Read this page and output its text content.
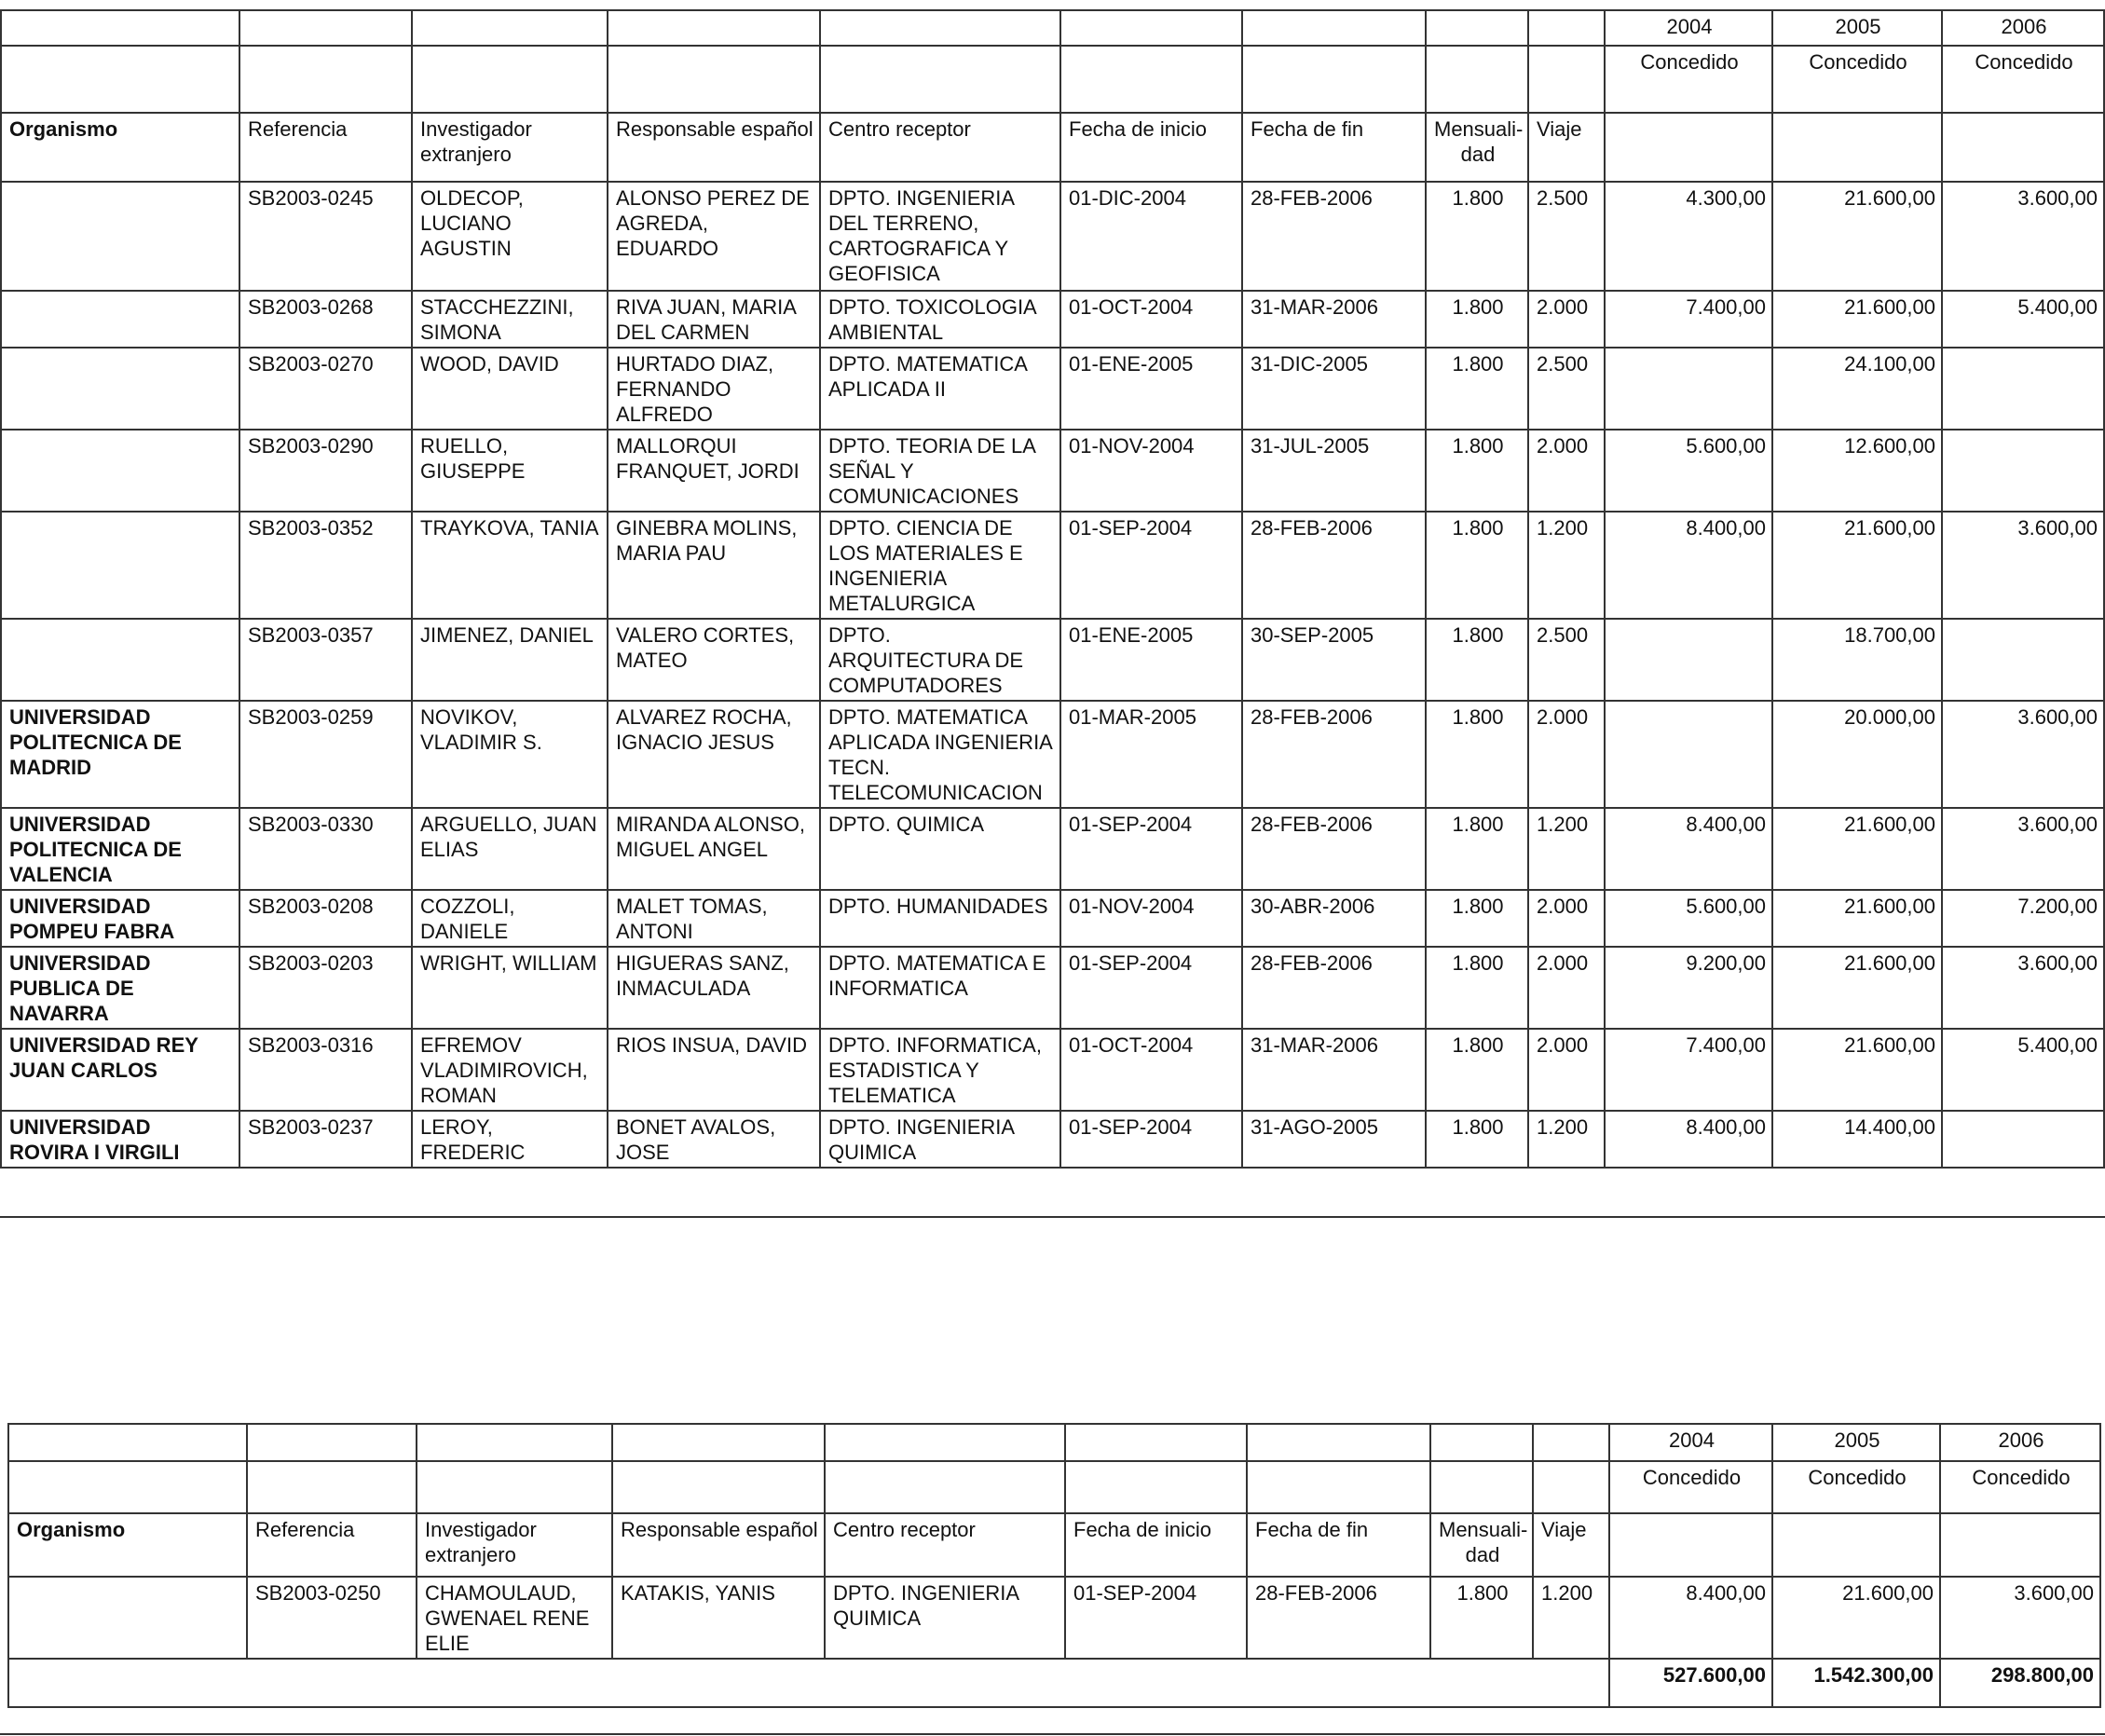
									2004	2005	2006
									Concedido	Concedido	Concedido
Organismo	Referencia	Investigador extranjero	Responsable español	Centro receptor	Fecha de inicio	Fecha de fin	Mensuali- dad	Viaje			
	SB2003-0245	OLDECOP, LUCIANO AGUSTIN	ALONSO PEREZ DE AGREDA, EDUARDO	DPTO. INGENIERIA DEL TERRENO, CARTOGRAFICA Y GEOFISICA	01-DIC-2004	28-FEB-2006	1.800	2.500	4.300,00	21.600,00	3.600,00
	SB2003-0268	STACCHEZZINI, SIMONA	RIVA JUAN, MARIA DEL CARMEN	DPTO. TOXICOLOGIA AMBIENTAL	01-OCT-2004	31-MAR-2006	1.800	2.000	7.400,00	21.600,00	5.400,00
	SB2003-0270	WOOD, DAVID	HURTADO DIAZ, FERNANDO ALFREDO	DPTO. MATEMATICA APLICADA II	01-ENE-2005	31-DIC-2005	1.800	2.500		24.100,00	
	SB2003-0290	RUELLO, GIUSEPPE	MALLORQUI FRANQUET, JORDI	DPTO. TEORIA DE LA SEÑAL Y COMUNICACIONES	01-NOV-2004	31-JUL-2005	1.800	2.000	5.600,00	12.600,00	
	SB2003-0352	TRAYKOVA, TANIA	GINEBRA MOLINS, MARIA PAU	DPTO. CIENCIA DE LOS MATERIALES E INGENIERIA METALURGICA	01-SEP-2004	28-FEB-2006	1.800	1.200	8.400,00	21.600,00	3.600,00
	SB2003-0357	JIMENEZ, DANIEL	VALERO CORTES, MATEO	DPTO. ARQUITECTURA DE COMPUTADORES	01-ENE-2005	30-SEP-2005	1.800	2.500		18.700,00	
UNIVERSIDAD POLITECNICA DE MADRID	SB2003-0259	NOVIKOV, VLADIMIR S.	ALVAREZ ROCHA, IGNACIO JESUS	DPTO. MATEMATICA APLICADA INGENIERIA TECN. TELECOMUNICACION	01-MAR-2005	28-FEB-2006	1.800	2.000		20.000,00	3.600,00
UNIVERSIDAD POLITECNICA DE VALENCIA	SB2003-0330	ARGUELLO, JUAN ELIAS	MIRANDA ALONSO, MIGUEL ANGEL	DPTO. QUIMICA	01-SEP-2004	28-FEB-2006	1.800	1.200	8.400,00	21.600,00	3.600,00
UNIVERSIDAD POMPEU FABRA	SB2003-0208	COZZOLI, DANIELE	MALET TOMAS, ANTONI	DPTO. HUMANIDADES	01-NOV-2004	30-ABR-2006	1.800	2.000	5.600,00	21.600,00	7.200,00
UNIVERSIDAD PUBLICA DE NAVARRA	SB2003-0203	WRIGHT, WILLIAM	HIGUERAS SANZ, INMACULADA	DPTO. MATEMATICA E INFORMATICA	01-SEP-2004	28-FEB-2006	1.800	2.000	9.200,00	21.600,00	3.600,00
UNIVERSIDAD REY JUAN CARLOS	SB2003-0316	EFREMOV VLADIMIROVICH, ROMAN	RIOS INSUA, DAVID	DPTO. INFORMATICA, ESTADISTICA Y TELEMATICA	01-OCT-2004	31-MAR-2006	1.800	2.000	7.400,00	21.600,00	5.400,00
UNIVERSIDAD ROVIRA I VIRGILI	SB2003-0237	LEROY, FREDERIC	BONET AVALOS, JOSE	DPTO. INGENIERIA QUIMICA	01-SEP-2004	31-AGO-2005	1.800	1.200	8.400,00	14.400,00	
									2004	2005	2006
									Concedido	Concedido	Concedido
Organismo	Referencia	Investigador extranjero	Responsable español	Centro receptor	Fecha de inicio	Fecha de fin	Mensuali- dad	Viaje			
	SB2003-0250	CHAMOULAUD, GWENAEL RENE ELIE	KATAKIS, YANIS	DPTO. INGENIERIA QUIMICA	01-SEP-2004	28-FEB-2006	1.800	1.200	8.400,00	21.600,00	3.600,00
									527.600,00	1.542.300,00	298.800,00
